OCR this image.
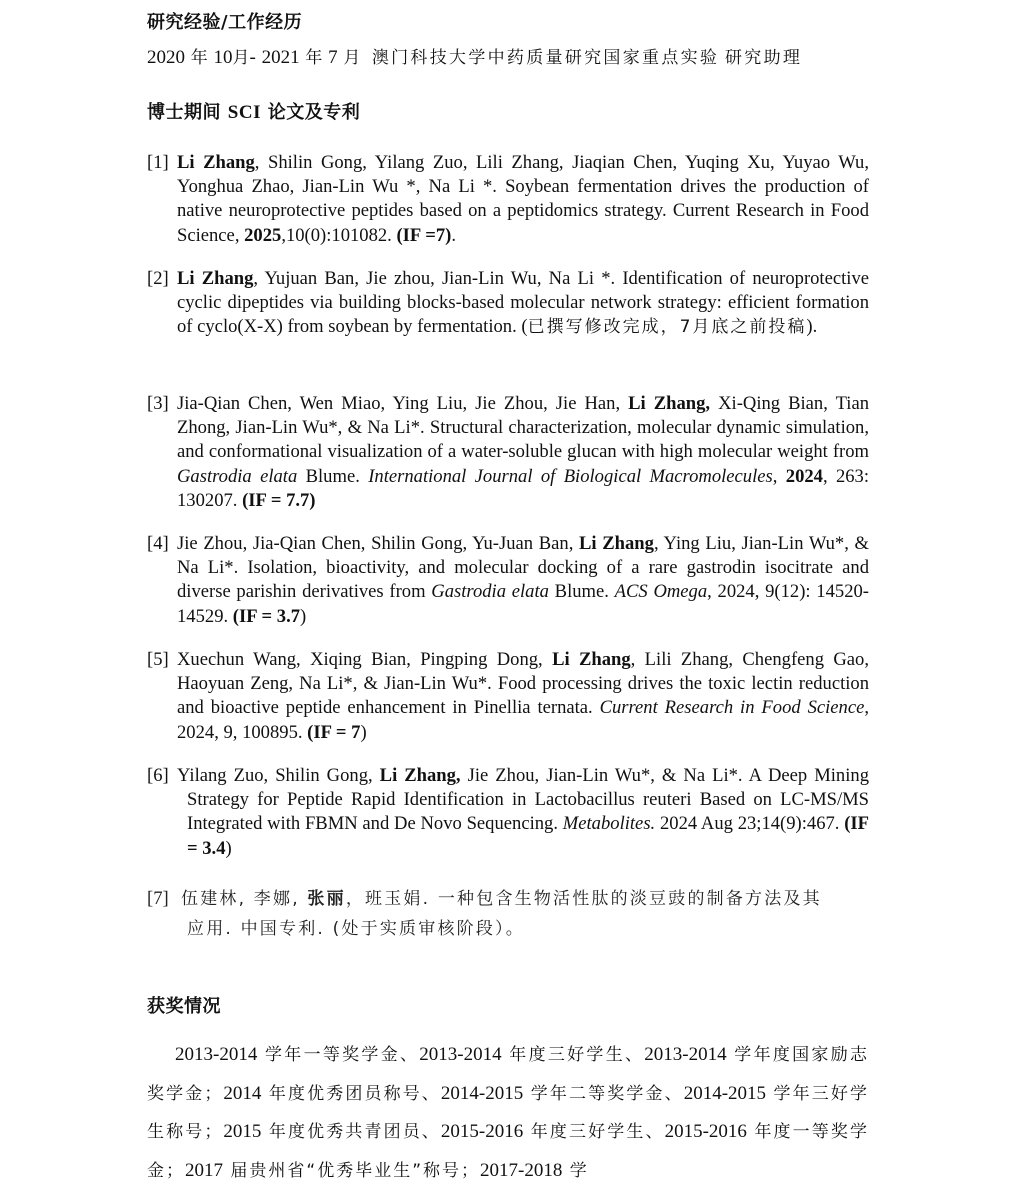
研究经验/工作经历
2020 年 10月- 2021 年 7 月 澳门科技大学中药质量研究国家重点实验 研究助理
博士期间 SCI 论文及专利
[1] Li Zhang, Shilin Gong, Yilang Zuo, Lili Zhang, Jiaqian Chen, Yuqing Xu, Yuyao Wu, Yonghua Zhao, Jian-Lin Wu *, Na Li *. Soybean fermentation drives the production of native neuroprotective peptides based on a peptidomics strategy. Current Research in Food Science, 2025,10(0):101082. (IF =7).
[2] Li Zhang, Yujuan Ban, Jie zhou, Jian-Lin Wu, Na Li *. Identification of neuroprotective cyclic dipeptides via building blocks-based molecular network strategy: efficient formation of cyclo(X-X) from soybean by fermentation. (已撰写修改完成，7月底之前投稿).
[3] Jia-Qian Chen, Wen Miao, Ying Liu, Jie Zhou, Jie Han, Li Zhang, Xi-Qing Bian, Tian Zhong, Jian-Lin Wu*, & Na Li*. Structural characterization, molecular dynamic simulation, and conformational visualization of a water-soluble glucan with high molecular weight from Gastrodia elata Blume. International Journal of Biological Macromolecules, 2024, 263: 130207. (IF = 7.7)
[4] Jie Zhou, Jia-Qian Chen, Shilin Gong, Yu-Juan Ban, Li Zhang, Ying Liu, Jian-Lin Wu*, & Na Li*. Isolation, bioactivity, and molecular docking of a rare gastrodin isocitrate and diverse parishin derivatives from Gastrodia elata Blume. ACS Omega, 2024, 9(12): 14520-14529. (IF = 3.7)
[5] Xuechun Wang, Xiqing Bian, Pingping Dong, Li Zhang, Lili Zhang, Chengfeng Gao, Haoyuan Zeng, Na Li*, & Jian-Lin Wu*. Food processing drives the toxic lectin reduction and bioactive peptide enhancement in Pinellia ternata. Current Research in Food Science, 2024, 9, 100895. (IF = 7)
[6] Yilang Zuo, Shilin Gong, Li Zhang, Jie Zhou, Jian-Lin Wu*, & Na Li*. A Deep Mining Strategy for Peptide Rapid Identification in Lactobacillus reuteri Based on LC-MS/MS Integrated with FBMN and De Novo Sequencing. Metabolites. 2024 Aug 23;14(9):467. (IF = 3.4)
[7] 伍建林, 李娜, 张丽，班玉娟. 一种包含生物活性肽的淡豆豉的制备方法及其
应用. 中国专利. (处于实质审核阶段）。
获奖情况
2013-2014 学年一等奖学金、2013-2014 年度三好学生、2013-2014 学年度国家励志奖学金；2014 年度优秀团员称号、2014-2015 学年二等奖学金、2014-2015 学年三好学生称号；2015 年度优秀共青团员、2015-2016 年度三好学生、2015-2016 年度一等奖学金；2017 届贵州省“优秀毕业生”称号；2017-2018 学
